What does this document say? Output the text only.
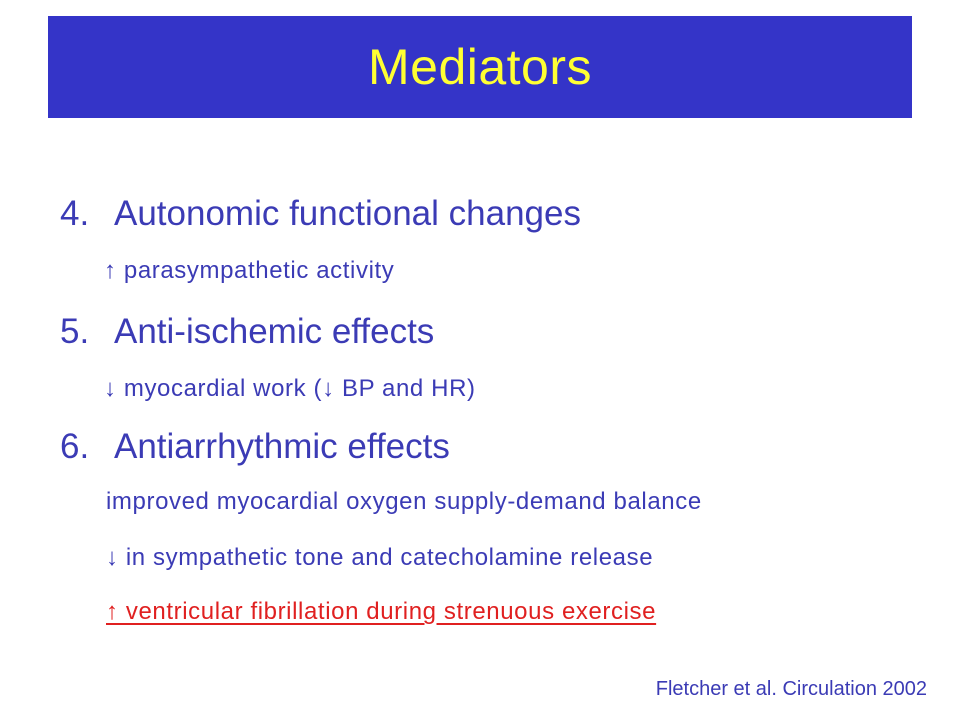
Mediators
4. Autonomic functional changes
↑ parasympathetic activity
5. Anti-ischemic effects
↓ myocardial work (↓ BP and HR)
6. Antiarrhythmic effects
improved myocardial oxygen supply-demand balance
↓ in sympathetic tone and catecholamine release
↑ ventricular fibrillation during strenuous exercise
Fletcher et al. Circulation 2002
